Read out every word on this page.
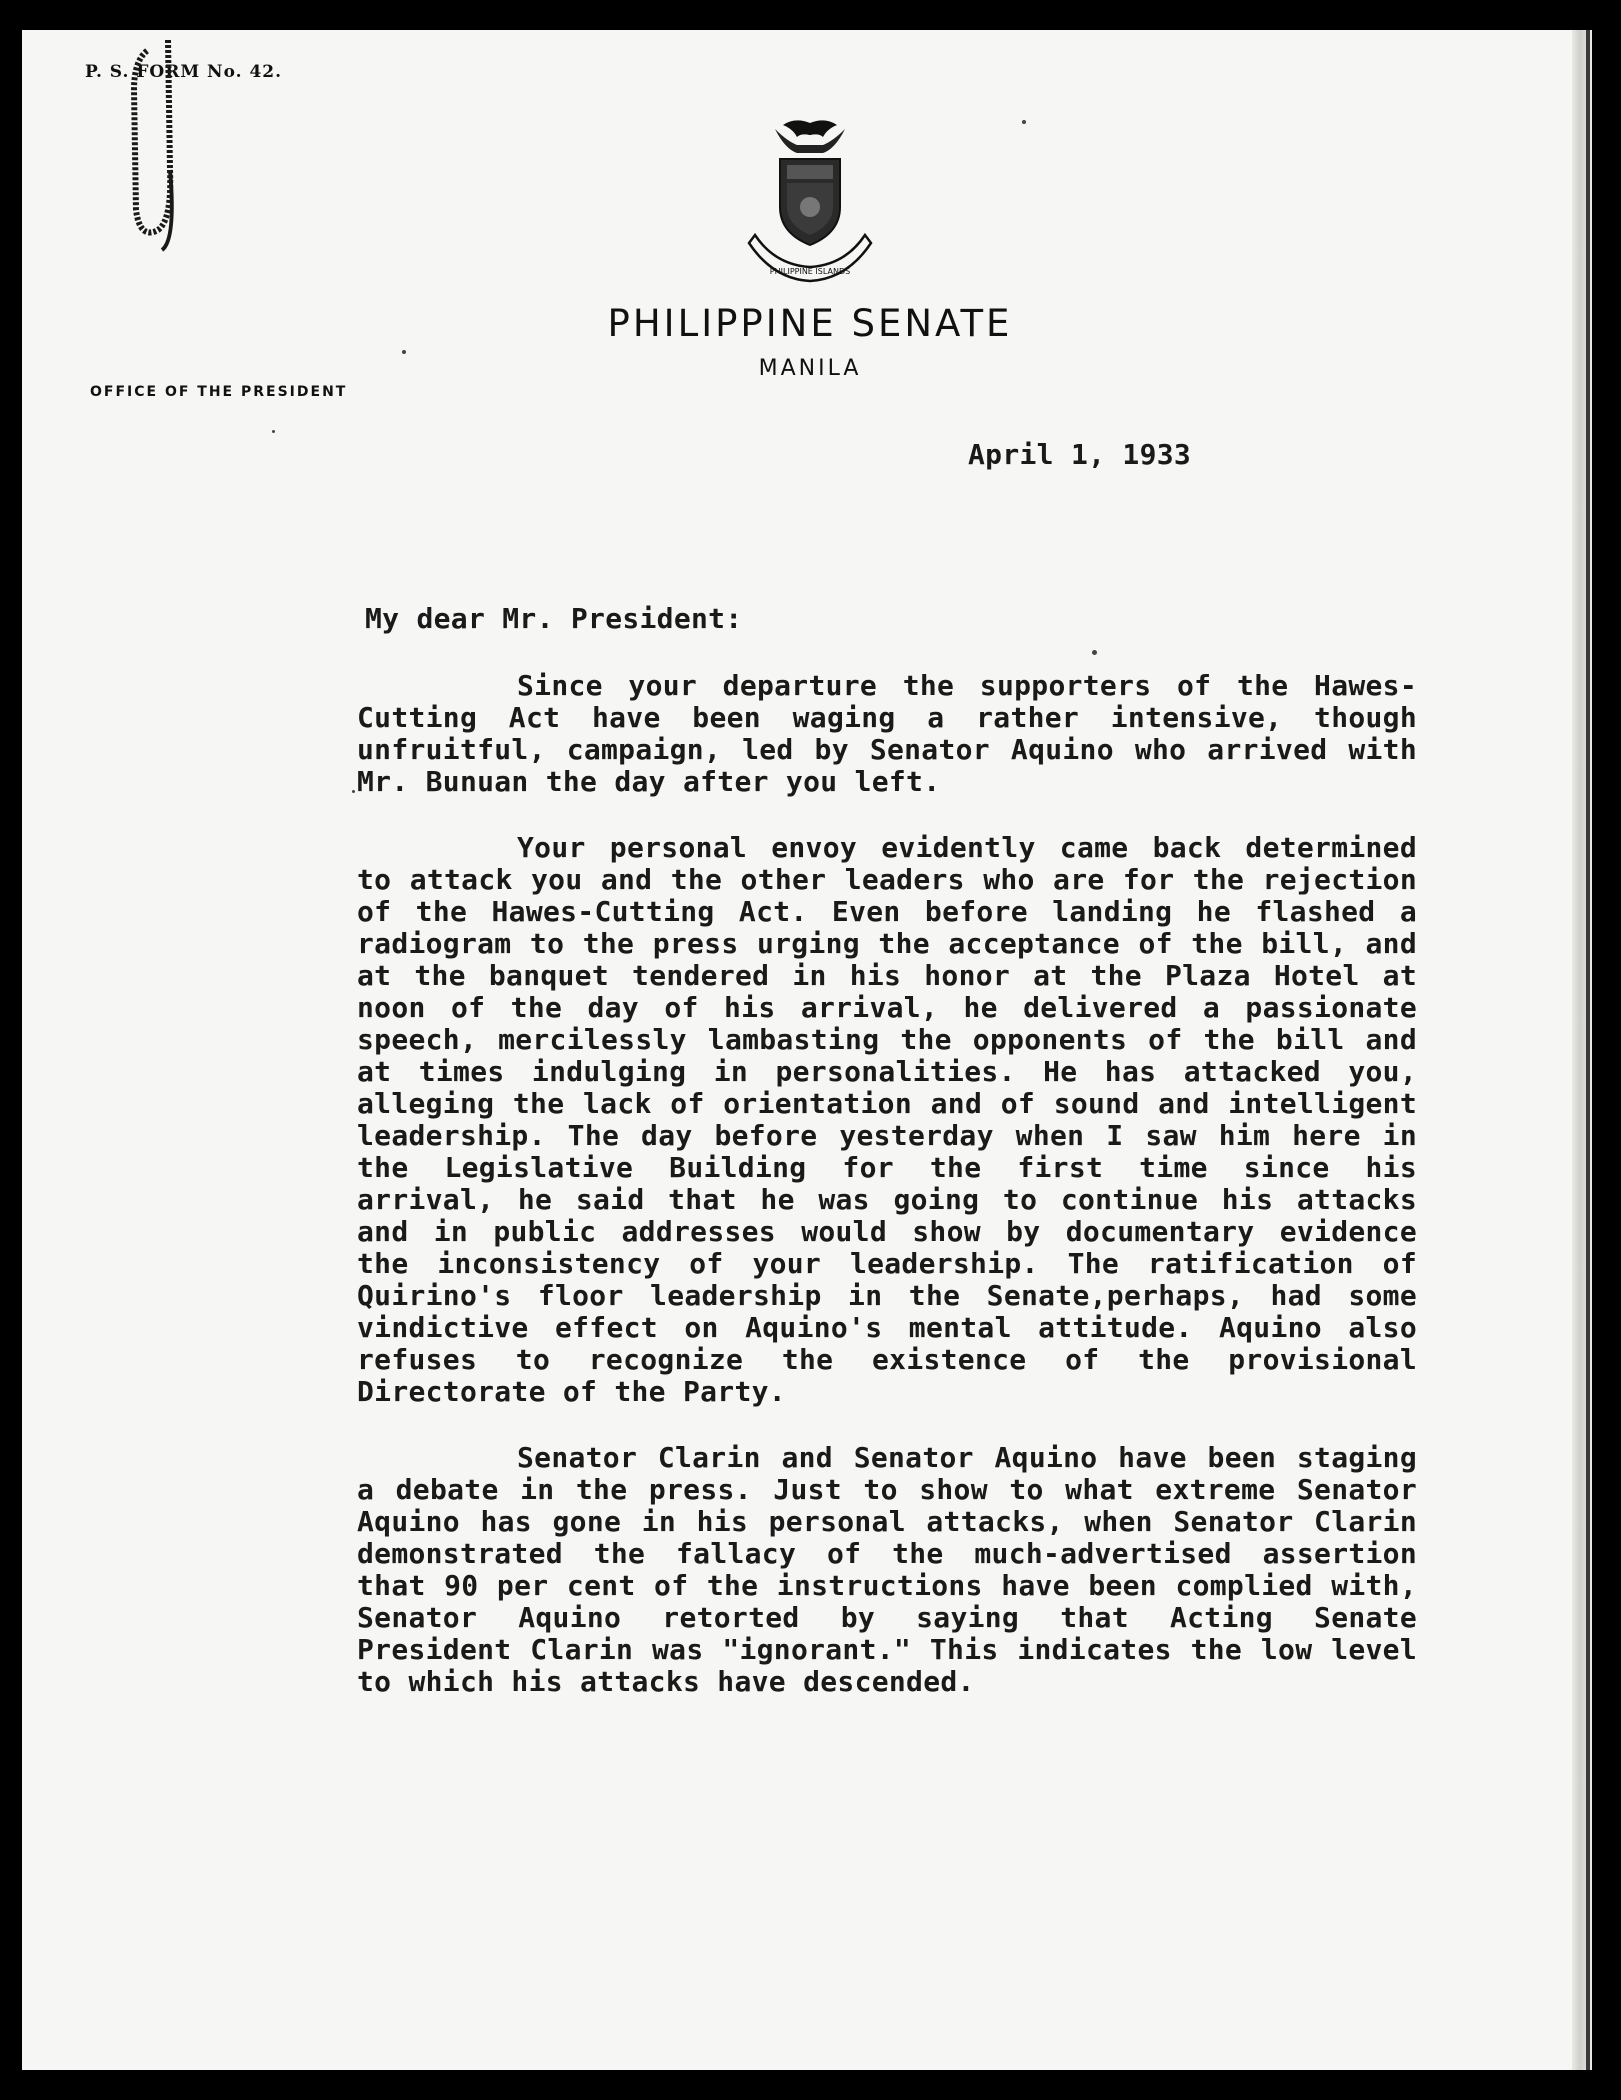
P. S. FORM No. 42.
PHILIPPINE ISLANDS
PHILIPPINE SENATE
MANILA
OFFICE OF THE PRESIDENT
April 1, 1933
My dear Mr. President:

Since your departure the supporters of the Hawes- Cutting Act have been waging a rather intensive, though unfruitful, campaign, led by Senator Aquino who arrived with Mr. Bunuan the day after you left.

Your personal envoy evidently came back determined to attack you and the other leaders who are for the rejection of the Hawes-Cutting Act. Even before landing he flashed a radiogram to the press urging the acceptance of the bill, and at the banquet tendered in his honor at the Plaza Hotel at noon of the day of his arrival, he delivered a passionate speech, mercilessly lambasting the opponents of the bill and at times indulging in personalities. He has attacked you, alleging the lack of orientation and of sound and intelligent leadership. The day before yesterday when I saw him here in the Legislative Building for the first time since his arrival, he said that he was going to continue his attacks and in public addresses would show by documentary evidence the inconsistency of your leadership. The ratification of Quirino's floor leadership in the Senate,perhaps, had some vindictive effect on Aquino's mental attitude. Aquino also refuses to recognize the existence of the provisional Directorate of the Party.

Senator Clarin and Senator Aquino have been staging a debate in the press. Just to show to what extreme Senator Aquino has gone in his personal attacks, when Senator Clarin demonstrated the fallacy of the much-advertised assertion that 90 per cent of the instructions have been complied with, Senator Aquino retorted by saying that Acting Senate President Clarin was "ignorant." This indicates the low level to which his attacks have descended.
